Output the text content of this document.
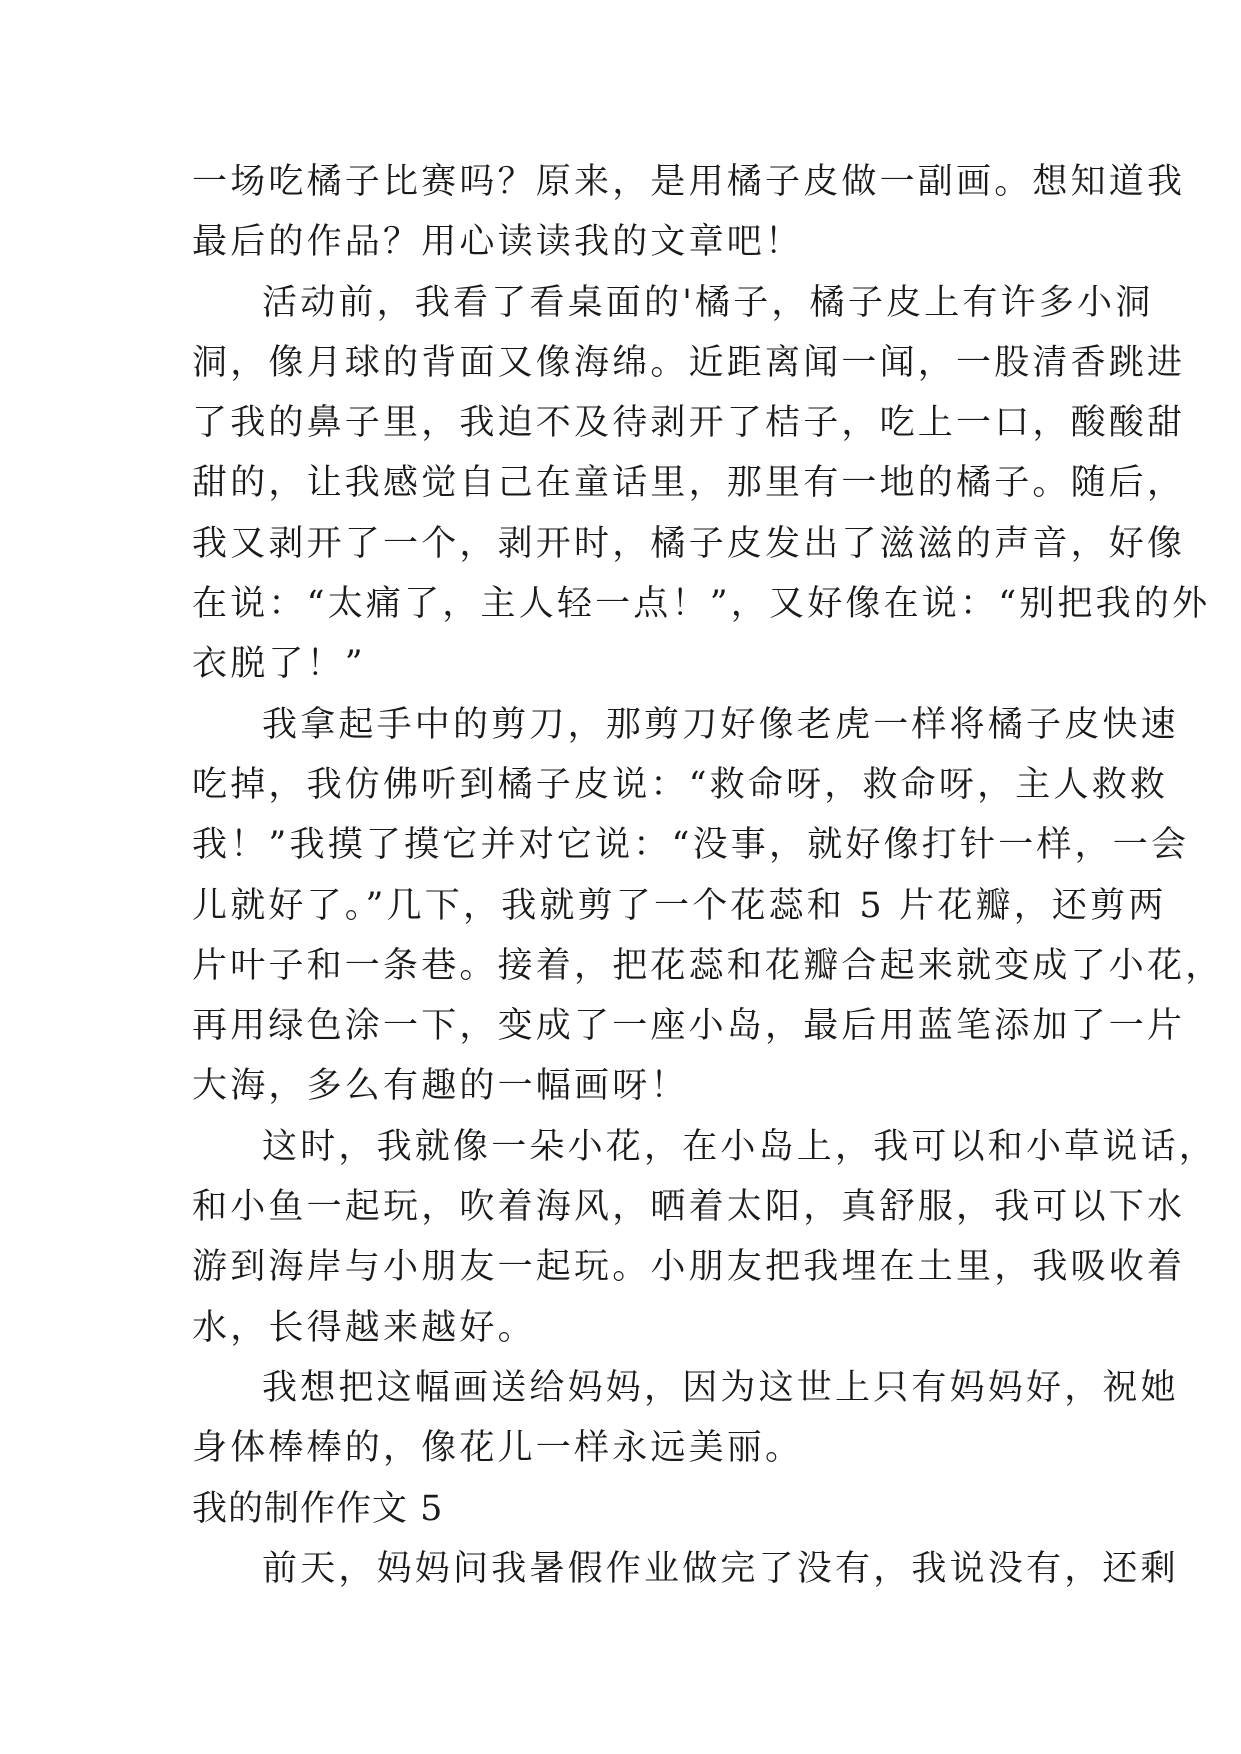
一场吃橘子比赛吗？原来，是用橘子皮做一副画。想知道我
最后的作品？用心读读我的文章吧！
活动前，我看了看桌面的'橘子，橘子皮上有许多小洞
洞，像月球的背面又像海绵。近距离闻一闻，一股清香跳进
了我的鼻子里，我迫不及待剥开了桔子，吃上一口，酸酸甜
甜的，让我感觉自己在童话里，那里有一地的橘子。随后，
我又剥开了一个，剥开时，橘子皮发出了滋滋的声音，好像
在说：“太痛了，主人轻一点！”，又好像在说：“别把我的外
衣脱了！”
我拿起手中的剪刀，那剪刀好像老虎一样将橘子皮快速
吃掉，我仿佛听到橘子皮说：“救命呀，救命呀，主人救救
我！”我摸了摸它并对它说：“没事，就好像打针一样，一会
儿就好了。”几下，我就剪了一个花蕊和 5 片花瓣，还剪两
片叶子和一条巷。接着，把花蕊和花瓣合起来就变成了小花，
再用绿色涂一下，变成了一座小岛，最后用蓝笔添加了一片
大海，多么有趣的一幅画呀！
这时，我就像一朵小花，在小岛上，我可以和小草说话，
和小鱼一起玩，吹着海风，晒着太阳，真舒服，我可以下水
游到海岸与小朋友一起玩。小朋友把我埋在土里，我吸收着
水，长得越来越好。
我想把这幅画送给妈妈，因为这世上只有妈妈好，祝她
身体棒棒的，像花儿一样永远美丽。
我的制作作文 5
前天，妈妈问我暑假作业做完了没有，我说没有，还剩
